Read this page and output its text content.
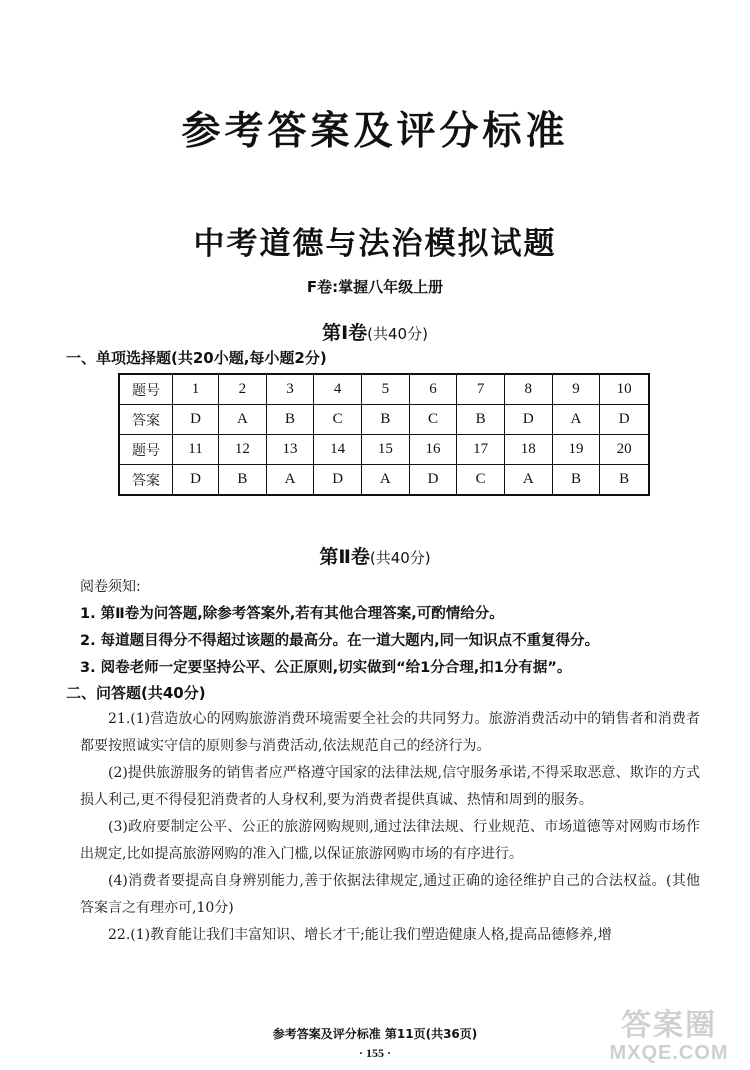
参考答案及评分标准
中考道德与法治模拟试题
F卷:掌握八年级上册
第Ⅰ卷(共40分)
一、单项选择题(共20小题,每小题2分)
题号	1	2	3	4	5	6	7	8	9	10
答案	D	A	B	C	B	C	B	D	A	D
题号	11	12	13	14	15	16	17	18	19	20
答案	D	B	A	D	A	D	C	A	B	B
第Ⅱ卷(共40分)
阅卷须知:
1. 第Ⅱ卷为问答题,除参考答案外,若有其他合理答案,可酌情给分。
2. 每道题目得分不得超过该题的最高分。在一道大题内,同一知识点不重复得分。
3. 阅卷老师一定要坚持公平、公正原则,切实做到“给1分合理,扣1分有据”。
二、问答题(共40分)

21.(1)营造放心的网购旅游消费环境需要全社会的共同努力。旅游消费活动中的销售者和消费者都要按照诚实守信的原则参与消费活动,依法规范自己的经济行为。

(2)提供旅游服务的销售者应严格遵守国家的法律法规,信守服务承诺,不得采取恶意、欺诈的方式损人利己,更不得侵犯消费者的人身权利,要为消费者提供真诚、热情和周到的服务。

(3)政府要制定公平、公正的旅游网购规则,通过法律法规、行业规范、市场道德等对网购市场作出规定,比如提高旅游网购的准入门槛,以保证旅游网购市场的有序进行。

(4)消费者要提高自身辨别能力,善于依据法律规定,通过正确的途径维护自己的合法权益。(其他答案言之有理亦可,10分)

22.(1)教育能让我们丰富知识、增长才干;能让我们塑造健康人格,提高品德修养,增

参考答案及评分标准 第11页(共36页)
· 155 ·
答案圈
MXQE.COM
